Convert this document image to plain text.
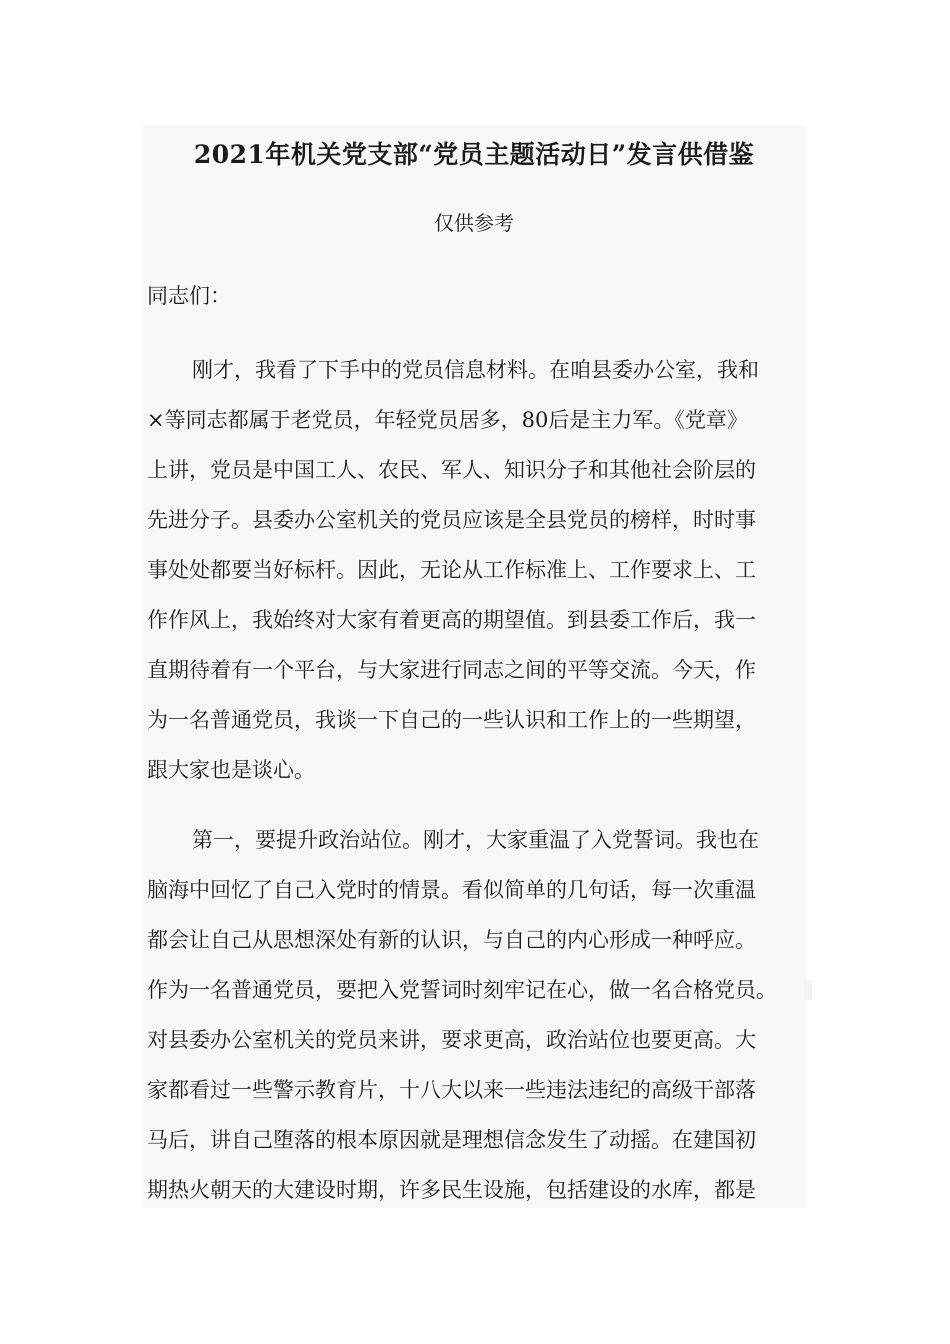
2021年机关党支部“党员主题活动日”发言供借鉴
仅供参考
同志们：
刚才，我看了下手中的党员信息材料。在咱县委办公室，我和
×等同志都属于老党员，年轻党员居多，80后是主力军。《党章》
上讲，党员是中国工人、农民、军人、知识分子和其他社会阶层的
先进分子。县委办公室机关的党员应该是全县党员的榜样，时时事
事处处都要当好标杆。因此，无论从工作标准上、工作要求上、工
作作风上，我始终对大家有着更高的期望值。到县委工作后，我一
直期待着有一个平台，与大家进行同志之间的平等交流。今天，作
为一名普通党员，我谈一下自己的一些认识和工作上的一些期望，
跟大家也是谈心。
第一，要提升政治站位。刚才，大家重温了入党誓词。我也在
脑海中回忆了自己入党时的情景。看似简单的几句话，每一次重温
都会让自己从思想深处有新的认识，与自己的内心形成一种呼应。
作为一名普通党员，要把入党誓词时刻牢记在心，做一名合格党员。
对县委办公室机关的党员来讲，要求更高，政治站位也要更高。大
家都看过一些警示教育片，十八大以来一些违法违纪的高级干部落
马后，讲自己堕落的根本原因就是理想信念发生了动摇。在建国初
期热火朝天的大建设时期，许多民生设施，包括建设的水库，都是
